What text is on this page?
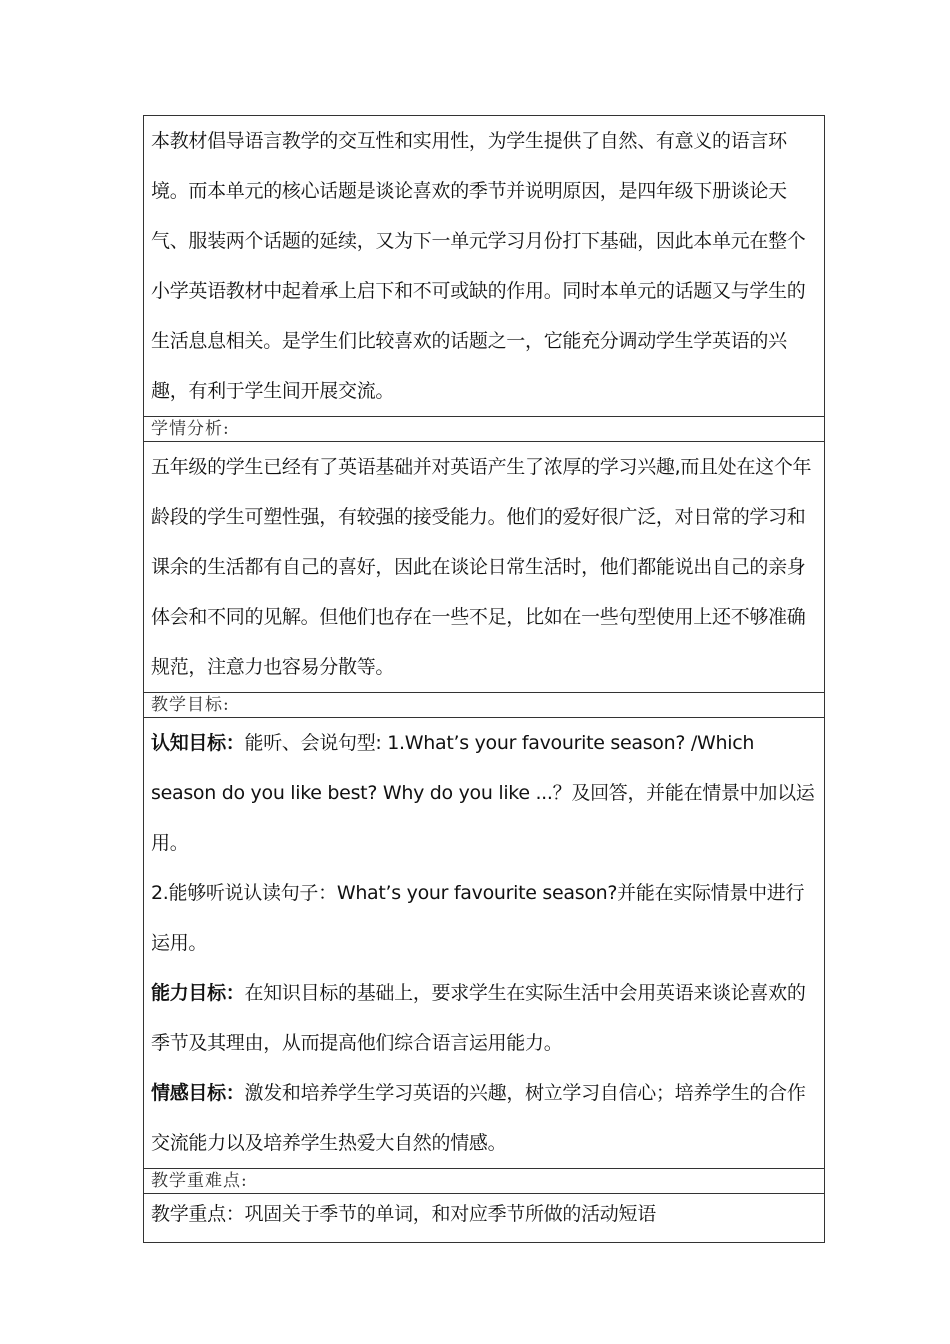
本教材倡导语言教学的交互性和实用性，为学生提供了自然、有意义的语言环境。而本单元的核心话题是谈论喜欢的季节并说明原因，是四年级下册谈论天气、服装两个话题的延续，又为下一单元学习月份打下基础，因此本单元在整个小学英语教材中起着承上启下和不可或缺的作用。同时本单元的话题又与学生的生活息息相关。是学生们比较喜欢的话题之一，它能充分调动学生学英语的兴趣，有利于学生间开展交流。

学情分析:

五年级的学生已经有了英语基础并对英语产生了浓厚的学习兴趣,而且处在这个年龄段的学生可塑性强，有较强的接受能力。他们的爱好很广泛，对日常的学习和课余的生活都有自己的喜好，因此在谈论日常生活时，他们都能说出自己的亲身体会和不同的见解。但他们也存在一些不足，比如在一些句型使用上还不够准确规范，注意力也容易分散等。

教学目标:

认知目标：能听、会说句型: 1.What’s your favourite season? /Which season do you like best? Why do you like ...？及回答，并能在情景中加以运用。

2.能够听说认读句子：What’s your favourite season?并能在实际情景中进行运用。

能力目标：在知识目标的基础上，要求学生在实际生活中会用英语来谈论喜欢的季节及其理由，从而提高他们综合语言运用能力。

情感目标：激发和培养学生学习英语的兴趣，树立学习自信心；培养学生的合作交流能力以及培养学生热爱大自然的情感。

教学重难点:

教学重点：巩固关于季节的单词，和对应季节所做的活动短语
